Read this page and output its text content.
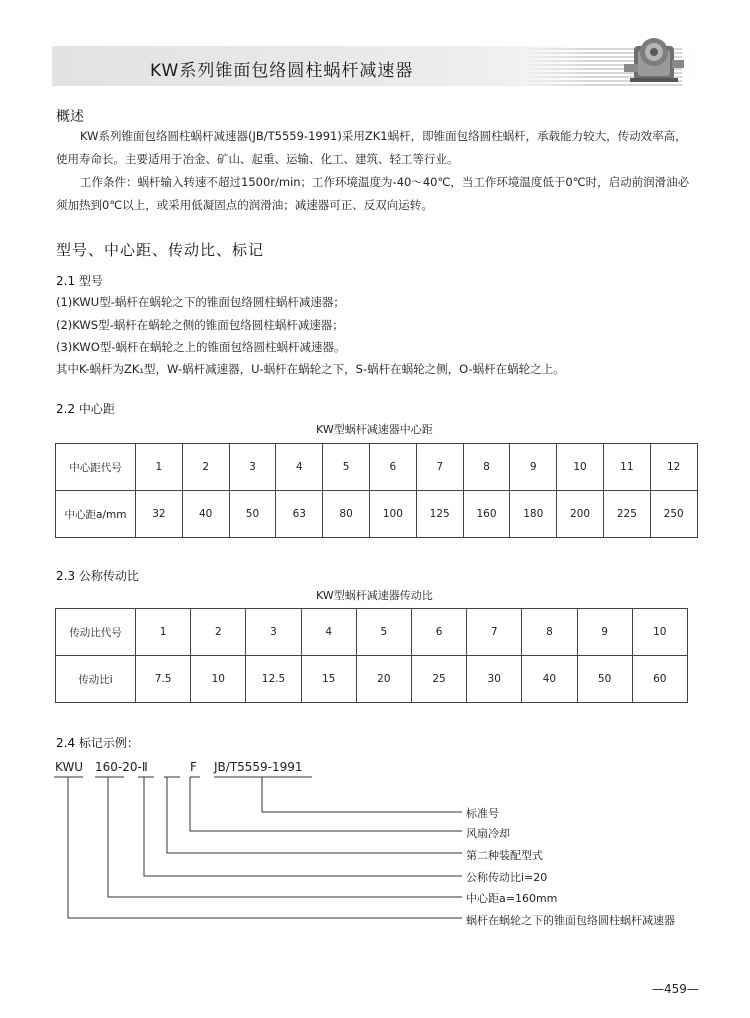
KW系列锥面包络圆柱蜗杆减速器
概述
KW系列锥面包络圆柱蜗杆减速器(JB/T5559-1991)采用ZK1蜗杆，即锥面包络圆柱蜗杆，承载能力较大，传动效率高，
使用寿命长。主要适用于冶金、矿山、起重、运输、化工、建筑、轻工等行业。
工作条件：蜗杆输入转速不超过1500r/min；工作环境温度为-40～40℃，当工作环境温度低于0℃时，启动前润滑油必
须加热到0℃以上，或采用低凝固点的润滑油；减速器可正、反双向运转。
型号、中心距、传动比、标记
2.1 型号
(1)KWU型-蜗杆在蜗轮之下的锥面包络圆柱蜗杆减速器；
(2)KWS型-蜗杆在蜗轮之侧的锥面包络圆柱蜗杆减速器；
(3)KWO型-蜗杆在蜗轮之上的锥面包络圆柱蜗杆减速器。
其中K-蜗杆为ZK₁型，W-蜗杆减速器，U-蜗杆在蜗轮之下，S-蜗杆在蜗轮之侧，O-蜗杆在蜗轮之上。
2.2 中心距
KW型蜗杆减速器中心距
中心距代号	1	2	3	4	5	6	7	8	9	10	11	12
中心距a/mm	32	40	50	63	80	100	125	160	180	200	225	250
2.3 公称传动比
KW型蜗杆减速器传动比
传动比代号	1	2	3	4	5	6	7	8	9	10
传动比i	7.5	10	12.5	15	20	25	30	40	50	60
2.4 标记示例：
KWU 160-20-Ⅱ	F JB/T5559-1991
标准号
风扇冷却
第二种装配型式
公称传动比i=20
中心距a=160mm
蜗杆在蜗轮之下的锥面包络圆柱蜗杆减速器
—459—
